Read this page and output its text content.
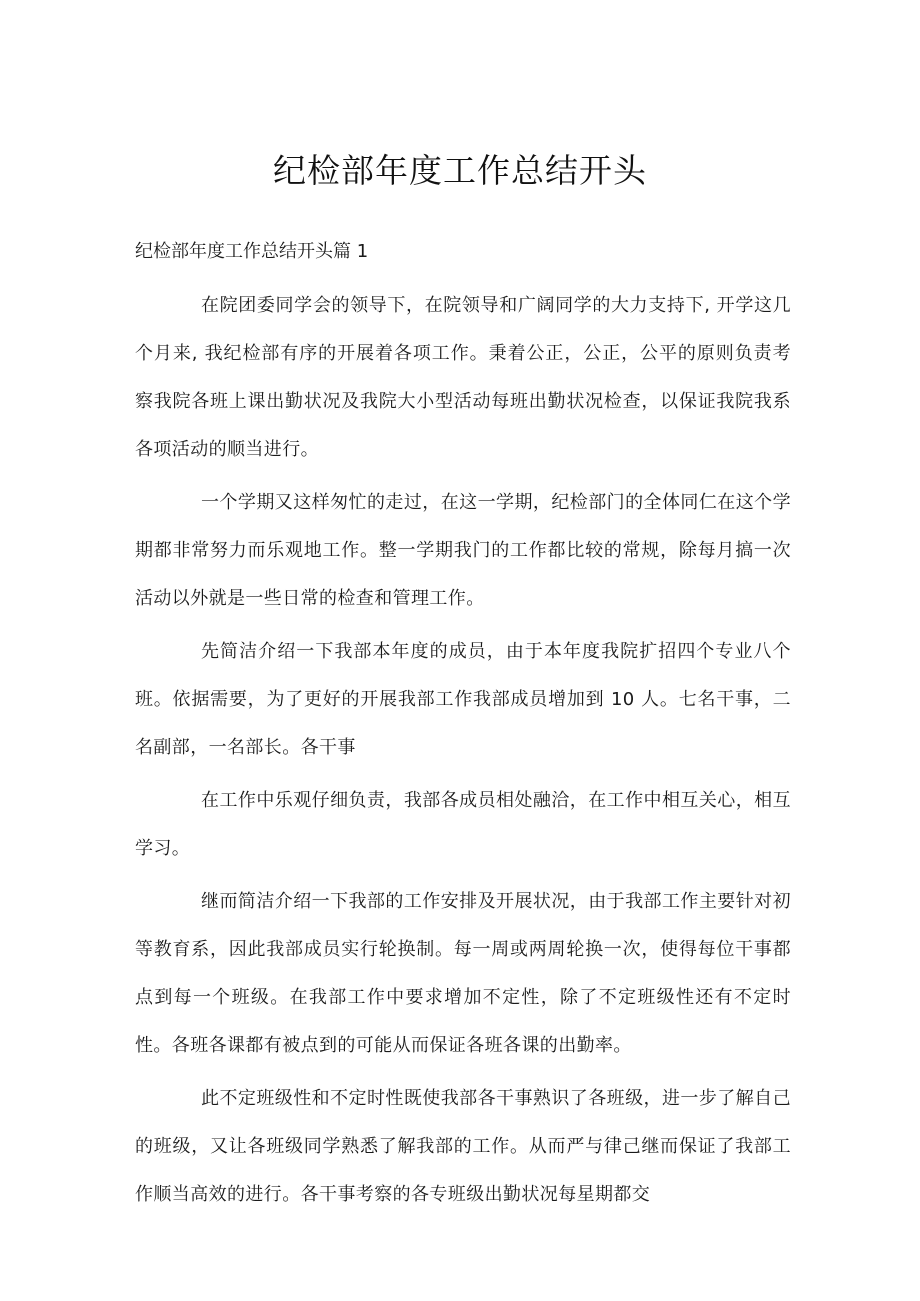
纪检部年度工作总结开头
纪检部年度工作总结开头篇 1

在院团委同学会的领导下，在院领导和广阔同学的大力支持下, 开学这几个月来, 我纪检部有序的开展着各项工作。秉着公正，公正，公平的原则负责考察我院各班上课出勤状况及我院大小型活动每班出勤状况检查，以保证我院我系各项活动的顺当进行。

一个学期又这样匆忙的走过，在这一学期，纪检部门的全体同仁在这个学期都非常努力而乐观地工作。整一学期我门的工作都比较的常规，除每月搞一次活动以外就是一些日常的检查和管理工作。

先简洁介绍一下我部本年度的成员，由于本年度我院扩招四个专业八个班。依据需要，为了更好的开展我部工作我部成员增加到 10 人。七名干事，二名副部，一名部长。各干事

在工作中乐观仔细负责，我部各成员相处融洽，在工作中相互关心，相互学习。

继而简洁介绍一下我部的工作安排及开展状况，由于我部工作主要针对初等教育系，因此我部成员实行轮换制。每一周或两周轮换一次，使得每位干事都点到每一个班级。在我部工作中要求增加不定性，除了不定班级性还有不定时性。各班各课都有被点到的可能从而保证各班各课的出勤率。

此不定班级性和不定时性既使我部各干事熟识了各班级，进一步了解自己的班级，又让各班级同学熟悉了解我部的工作。从而严与律己继而保证了我部工作顺当高效的进行。各干事考察的各专班级出勤状况每星期都交
